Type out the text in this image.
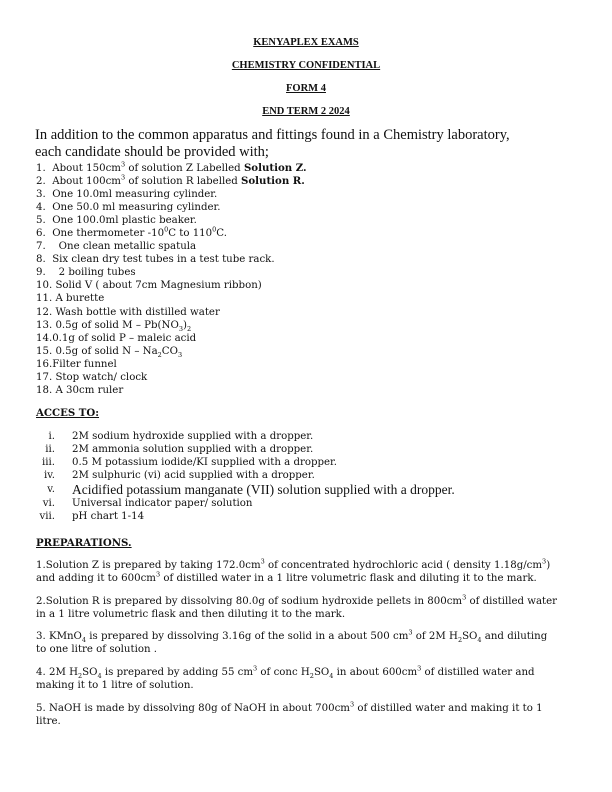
KENYAPLEX EXAMS
CHEMISTRY CONFIDENTIAL
FORM 4
END TERM 2 2024
In addition to the common apparatus and fittings found in a Chemistry laboratory,
each candidate should be provided with;
1. About $150cm^3$ of solution Z Labelled Solution Z.
2. About $100cm^3$ of solution R labelled Solution R.
3.  One 10.0ml measuring cylinder.
4.  One 50.0 ml measuring cylinder.
5.  One 100.0ml plastic beaker.
6.  One thermometer $-10^0C$ to $110^0C$.
7.    One clean metallic spatula
8.  Six clean dry test tubes in a test tube rack.
9.    2 boiling tubes
10. Solid V ( about 7cm Magnesium ribbon)
11. A burette
12. Wash bottle with distilled water
13. 0.5g of solid M – $Pb(NO_3)_2$
14.0.1g of solid P – maleic acid
15. 0.5g of solid N – $Na_2CO_3$
16.Filter funnel
17. Stop watch/ clock
18. A 30cm ruler
ACCES TO:
i. 2M sodium hydroxide supplied with a dropper.
ii. 2M ammonia solution supplied with a dropper.
iii. 0.5 M potassium iodide/KI supplied with a dropper.
iv. 2M sulphuric (vi) acid supplied with a dropper.
v. Acidified potassium manganate (VII) solution supplied with a dropper.
vi. Universal indicator paper/ solution
vii. pH chart 1-14
PREPARATIONS.
1.Solution Z is prepared by taking $172.0cm^3$ of concentrated hydrochloric acid ( density $1.18g/cm^3$)
and adding it to $600cm^3$ of distilled water in a 1 litre volumetric flask and diluting it to the mark.
2.Solution R is prepared by dissolving 80.0g of sodium hydroxide pellets in $800cm^3$ of distilled water
in a 1 litre volumetric flask and then diluting it to the mark.
3. KMnO$_4$ is prepared by dissolving 3.16g of the solid in a about 500 $cm^3$ of 2M $H_2SO_4$ and diluting
to one litre of solution .
4. 2M $H_2SO_4$ is prepared by adding 55 $cm^3$ of conc $H_2SO_4$ in about $600cm^3$ of distilled water and
making it to 1 litre of solution.
5. NaOH is made by dissolving 80g of NaOH in about $700cm^3$ of distilled water and making it to 1
litre.
